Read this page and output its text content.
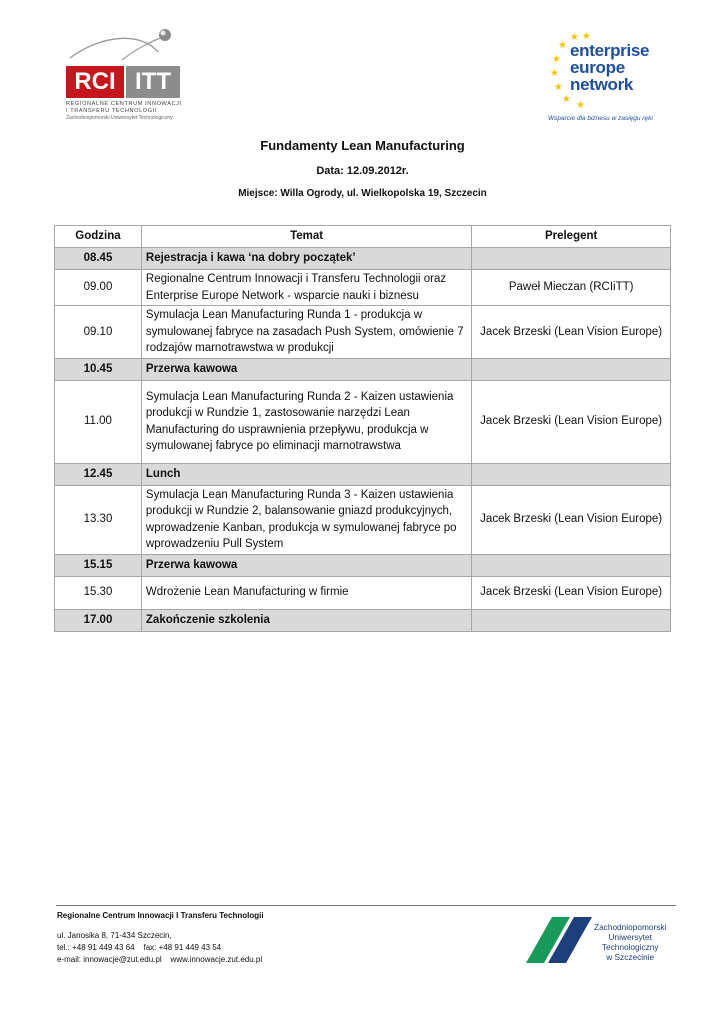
RCI ITT
REGIONALNE CENTRUM INNOWACJI
I TRANSFERU TECHNOLOGII
Zachodniopomorski Uniwersytet Technologiczny
★ ★
★
★
★
★
★
★
enterprise
europe
network
Wsparcie dla biznesu w zasięgu ręki
Fundamenty Lean Manufacturing
Data: 12.09.2012r.
Miejsce: Willa Ogrody, ul. Wielkopolska 19, Szczecin
Godzina	Temat	Prelegent
08.45	Rejestracja i kawa ‘na dobry początek’	
09.00	Regionalne Centrum Innowacji i Transferu Technologii oraz Enterprise Europe Network - wsparcie nauki i biznesu	Paweł Mieczan (RCIiTT)
09.10	Symulacja Lean Manufacturing Runda 1 - produkcja w symulowanej fabryce na zasadach Push System, omówienie 7 rodzajów marnotrawstwa w produkcji	Jacek Brzeski (Lean Vision Europe)
10.45	Przerwa kawowa	
11.00	Symulacja Lean Manufacturing Runda 2 - Kaizen ustawienia produkcji w Rundzie 1, zastosowanie narzędzi Lean Manufacturing do usprawnienia przepływu, produkcja w symulowanej fabryce po eliminacji marnotrawstwa	Jacek Brzeski (Lean Vision Europe)
12.45	Lunch	
13.30	Symulacja Lean Manufacturing Runda 3 - Kaizen ustawienia produkcji w Rundzie 2, balansowanie gniazd produkcyjnych, wprowadzenie Kanban, produkcja w symulowanej fabryce po wprowadzeniu Pull System	Jacek Brzeski (Lean Vision Europe)
15.15	Przerwa kawowa	
15.30	Wdrożenie Lean Manufacturing w firmie	Jacek Brzeski (Lean Vision Europe)
17.00	Zakończenie szkolenia	
Regionalne Centrum Innowacji I Transferu Technologii
ul. Janosika 8, 71-434 Szczecin,
tel.: +48 91 449 43 64    fax: +48 91 449 43 54
e-mail: innowacje@zut.edu.pl    www.innowacje.zut.edu.pl
Zachodniopomorski
Uniwersytet
Technologiczny
w Szczecinie
